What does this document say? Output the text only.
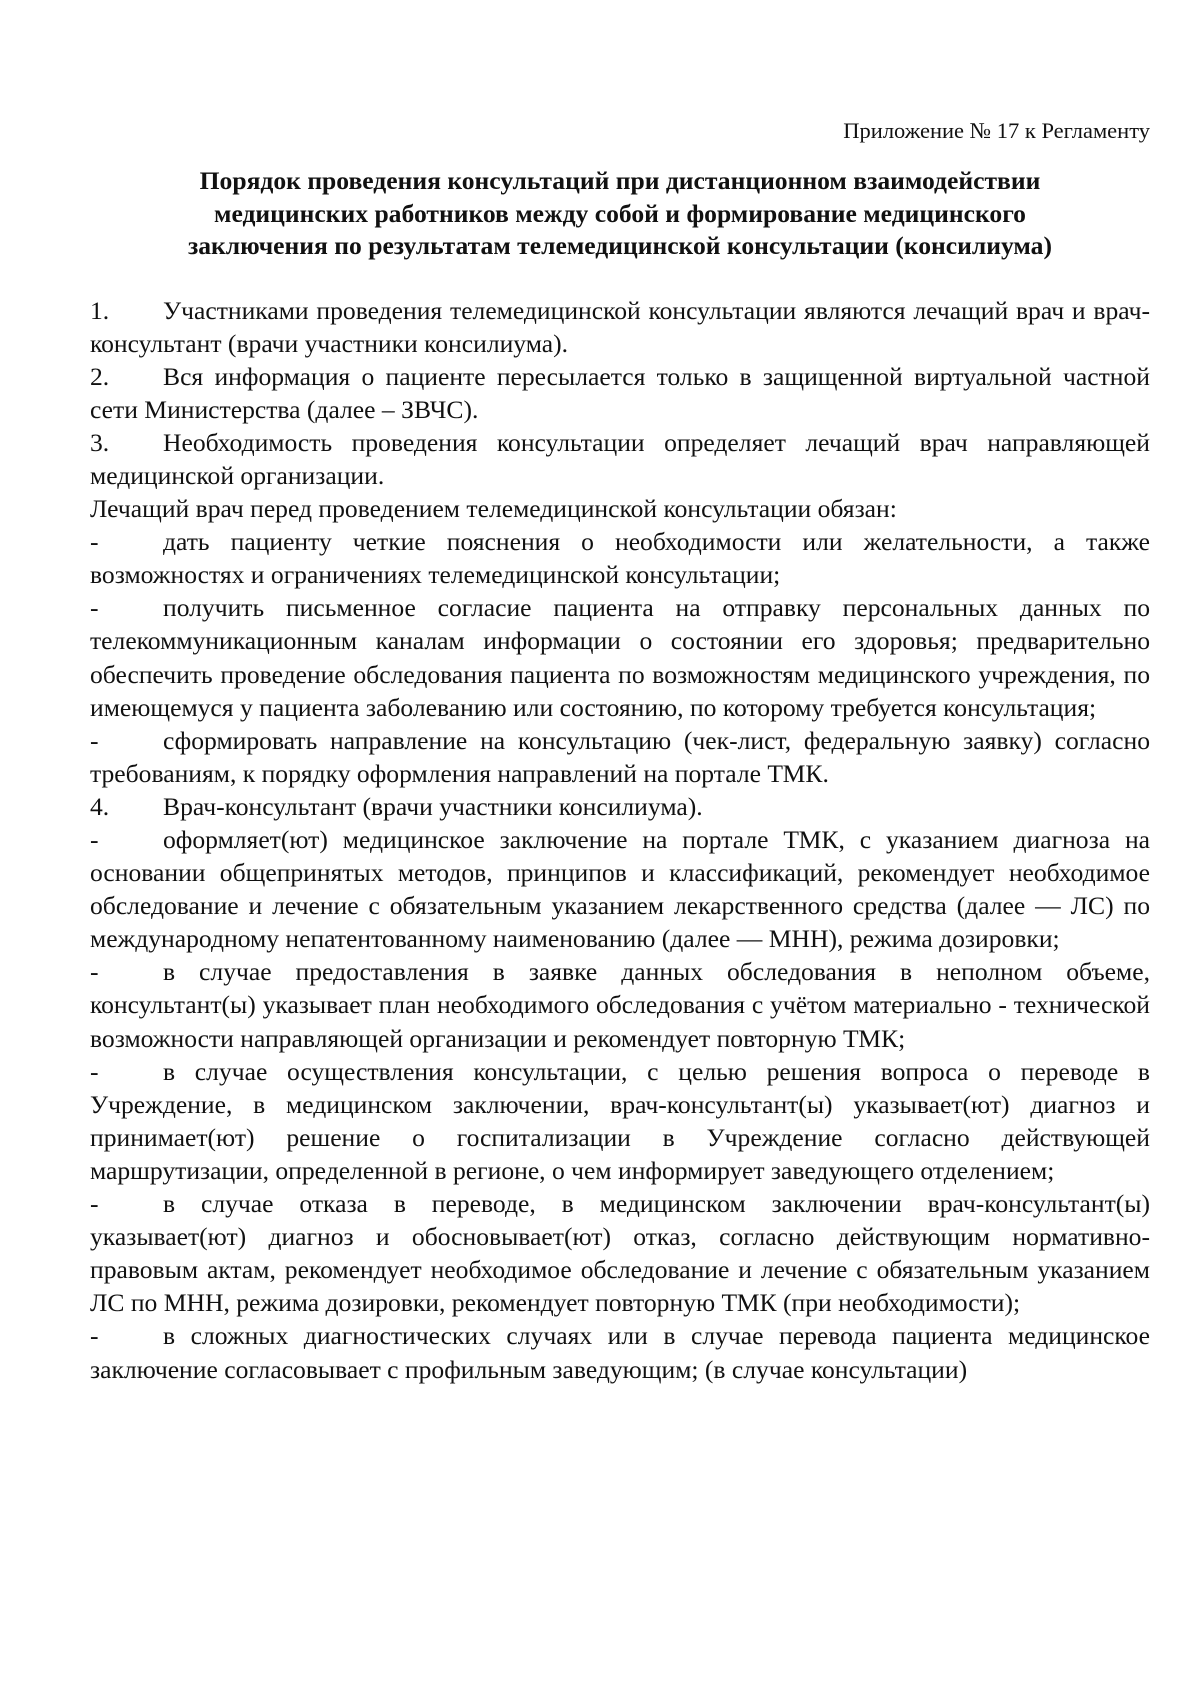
Приложение № 17 к Регламенту
Порядок проведения консультаций при дистанционном взаимодействии
медицинских работников между собой и формирование медицинского
заключения по результатам телемедицинской консультации (консилиума)

1. Участниками проведения телемедицинской консультации являются лечащий врач и врач-консультант (врачи участники консилиума).

2. Вся информация о пациенте пересылается только в защищенной виртуальной частной сети Министерства (далее – ЗВЧС).

3. Необходимость проведения консультации определяет лечащий врач направляющей медицинской организации.

Лечащий врач перед проведением телемедицинской консультации обязан:

-	дать пациенту четкие пояснения о необходимости или желательности, а также возможностях и ограничениях телемедицинской консультации;

-	получить письменное согласие пациента на отправку персональных данных по телекоммуникационным каналам информации о состоянии его здоровья; предварительно обеспечить проведение обследования пациента по возможностям медицинского учреждения, по имеющемуся у пациента заболеванию или состоянию, по которому требуется консультация;

-	сформировать направление на консультацию (чек-лист, федеральную заявку) согласно требованиям, к порядку оформления направлений на портале ТМК.

4. Врач-консультант (врачи участники консилиума).

-	оформляет(ют) медицинское заключение на портале ТМК, с указанием диагноза на основании общепринятых методов, принципов и классификаций, рекомендует необходимое обследование и лечение с обязательным указанием лекарственного средства (далее — ЛС) по международному непатентованному наименованию (далее — МНН), режима дозировки;

-	в случае предоставления в заявке данных обследования в неполном объеме, консультант(ы) указывает план необходимого обследования с учётом материально - технической возможности направляющей организации и рекомендует повторную ТМК;

-	в случае осуществления консультации, с целью решения вопроса о переводе в Учреждение, в медицинском заключении, врач-консультант(ы) указывает(ют) диагноз и принимает(ют) решение о госпитализации в Учреждение согласно действующей маршрутизации, определенной в регионе, о чем информирует заведующего отделением;

-	в случае отказа в переводе, в медицинском заключении врач-консультант(ы) указывает(ют) диагноз и обосновывает(ют) отказ, согласно действующим нормативно- правовым актам, рекомендует необходимое обследование и лечение с обязательным указанием ЛС по МНН, режима дозировки, рекомендует повторную ТМК (при необходимости);

-	в сложных диагностических случаях или в случае перевода пациента медицинское заключение согласовывает с профильным заведующим; (в случае консультации)
